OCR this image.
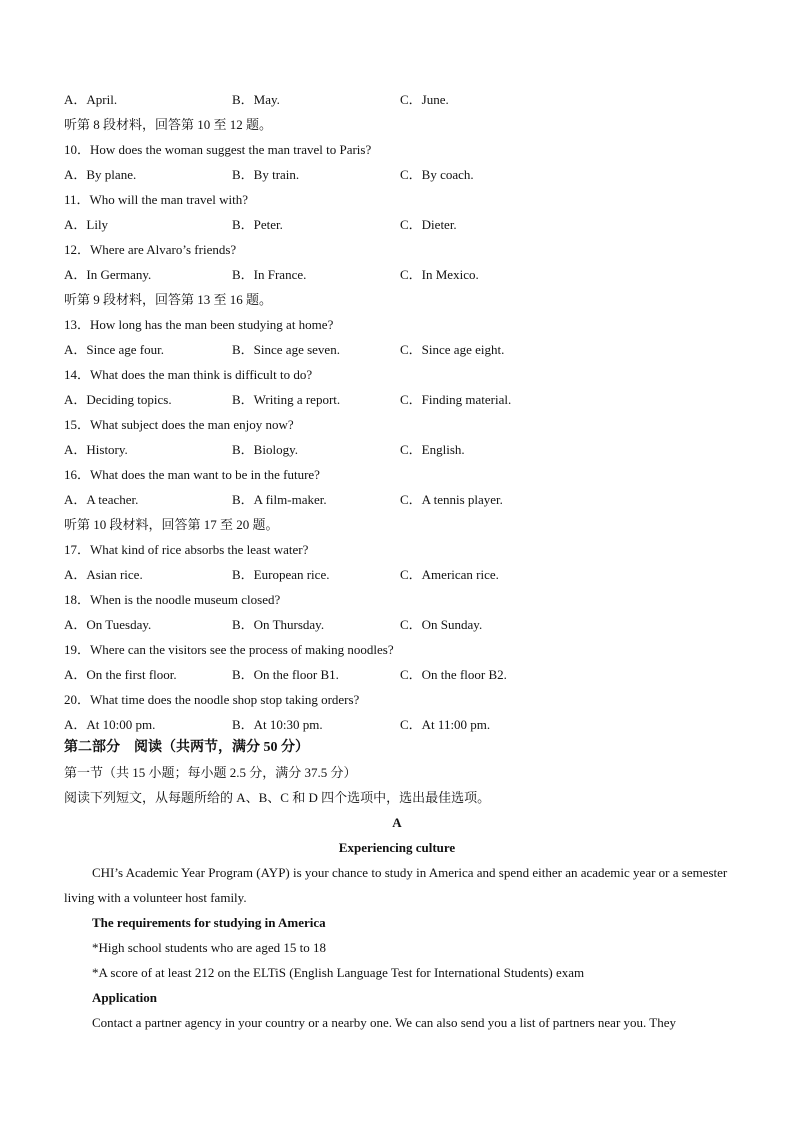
A．April.	B．May.	C．June.
听第 8 段材料，回答第 10 至 12 题。
10．How does the woman suggest the man travel to Paris?
A．By plane.	B．By train.	C．By coach.
11．Who will the man travel with?
A．Lily	B．Peter.	C．Dieter.
12．Where are Alvaro’s friends?
A．In Germany.	B．In France.	C．In Mexico.
听第 9 段材料，回答第 13 至 16 题。
13．How long has the man been studying at home?
A．Since age four.	B．Since age seven.	C．Since age eight.
14．What does the man think is difficult to do?
A．Deciding topics.	B．Writing a report.	C．Finding material.
15．What subject does the man enjoy now?
A．History.	B．Biology.	C．English.
16．What does the man want to be in the future?
A．A teacher.	B．A film-maker.	C．A tennis player.
听第 10 段材料，回答第 17 至 20 题。
17．What kind of rice absorbs the least water?
A．Asian rice.	B．European rice.	C．American rice.
18．When is the noodle museum closed?
A．On Tuesday.	B．On Thursday.	C．On Sunday.
19．Where can the visitors see the process of making noodles?
A．On the first floor.	B．On the floor B1.	C．On the floor B2.
20．What time does the noodle shop stop taking orders?
A．At 10:00 pm.	B．At 10:30 pm.	C．At 11:00 pm.
第二部分　阅读（共两节，满分 50 分）
第一节（共 15 小题；每小题 2.5 分，满分 37.5 分）
阅读下列短文，从每题所给的 A、B、C 和 D 四个选项中，选出最佳选项。
A
Experiencing culture
CHI’s Academic Year Program (AYP) is your chance to study in America and spend either an academic year or a semester living with a volunteer host family.
The requirements for studying in America
*High school students who are aged 15 to 18
*A score of at least 212 on the ELTiS (English Language Test for International Students) exam
Application
Contact a partner agency in your country or a nearby one. We can also send you a list of partners near you. They
